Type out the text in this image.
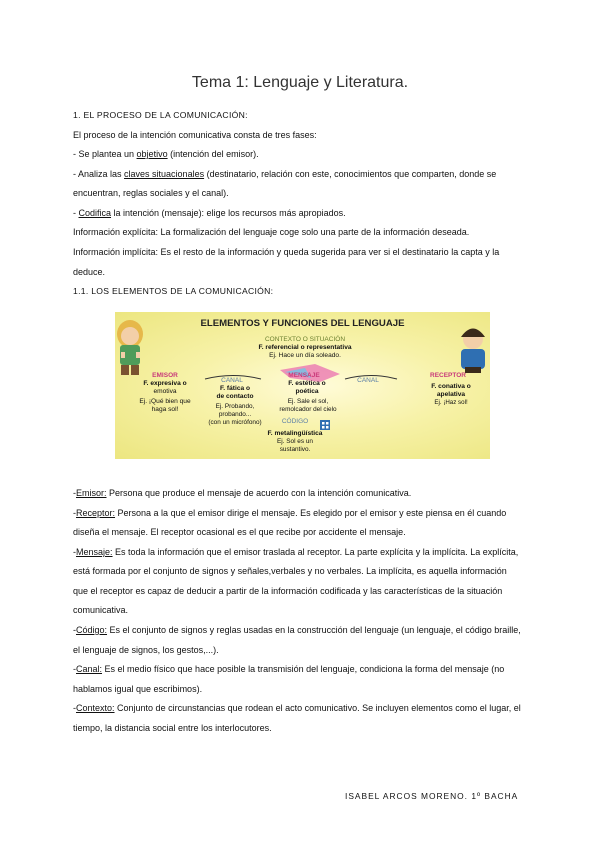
Tema 1: Lenguaje y Literatura.
1. EL PROCESO DE LA COMUNICACIÓN:
El proceso de la intención comunicativa consta de tres fases:
- Se plantea un objetivo (intención del emisor).
- Analiza las claves situacionales (destinatario, relación con este, conocimientos que comparten, donde se
encuentran, reglas sociales y el canal).
- Codifica la intención (mensaje): elige los recursos más apropiados.
Información explícita: La formalización del lenguaje coge solo una parte de la información deseada.
Información implícita: Es el resto de la información y queda sugerida para ver si el destinatario la capta y la
deduce.
1.1. LOS ELEMENTOS DE LA COMUNICACIÓN:
ELEMENTOS Y FUNCIONES DEL LENGUAJE
CONTEXTO O SITUACIÓN
F. referencial o representativa
Ej. Hace un día soleado.
EMISOR
F. expresiva o
emotiva
Ej. ¡Qué bien que
haga sol!
CANAL
F. fática o
de contacto
Ej. Probando,
probando...
(con un micrófono)
MENSAJE
F. estética o
poética
Ej. Sale el sol,
remolcador del cielo
CANAL
RECEPTOR
F. conativa o
apelativa
Ej. ¡Haz sol!
CÓDIGO
F. metalingüística
Ej. Sol es un
sustantivo.
-Emisor: Persona que produce el mensaje de acuerdo con la intención comunicativa.
-Receptor: Persona a la que el emisor dirige el mensaje. Es elegido por el emisor y este piensa en él cuando
diseña el mensaje. El receptor ocasional es el que recibe por accidente el mensaje.
-Mensaje: Es toda la información que el emisor traslada al receptor. La parte explícita y la implícita. La explícita,
está formada por el conjunto de signos y señales,verbales y no verbales. La implícita, es aquella información
que el receptor es capaz de deducir a partir de la información codificada y las características de la situación
comunicativa.
-Código: Es el conjunto de signos y reglas usadas en la construcción del lenguaje (un lenguaje, el código braille,
el lenguaje de signos, los gestos,...).
-Canal: Es el medio físico que hace posible la transmisión del lenguaje, condiciona la forma del mensaje (no
hablamos igual que escribimos).
-Contexto: Conjunto de circunstancias que rodean el acto comunicativo. Se incluyen elementos como el lugar, el
tiempo, la distancia social entre los interlocutores.
ISABEL ARCOS MORENO. 1º BACHA
